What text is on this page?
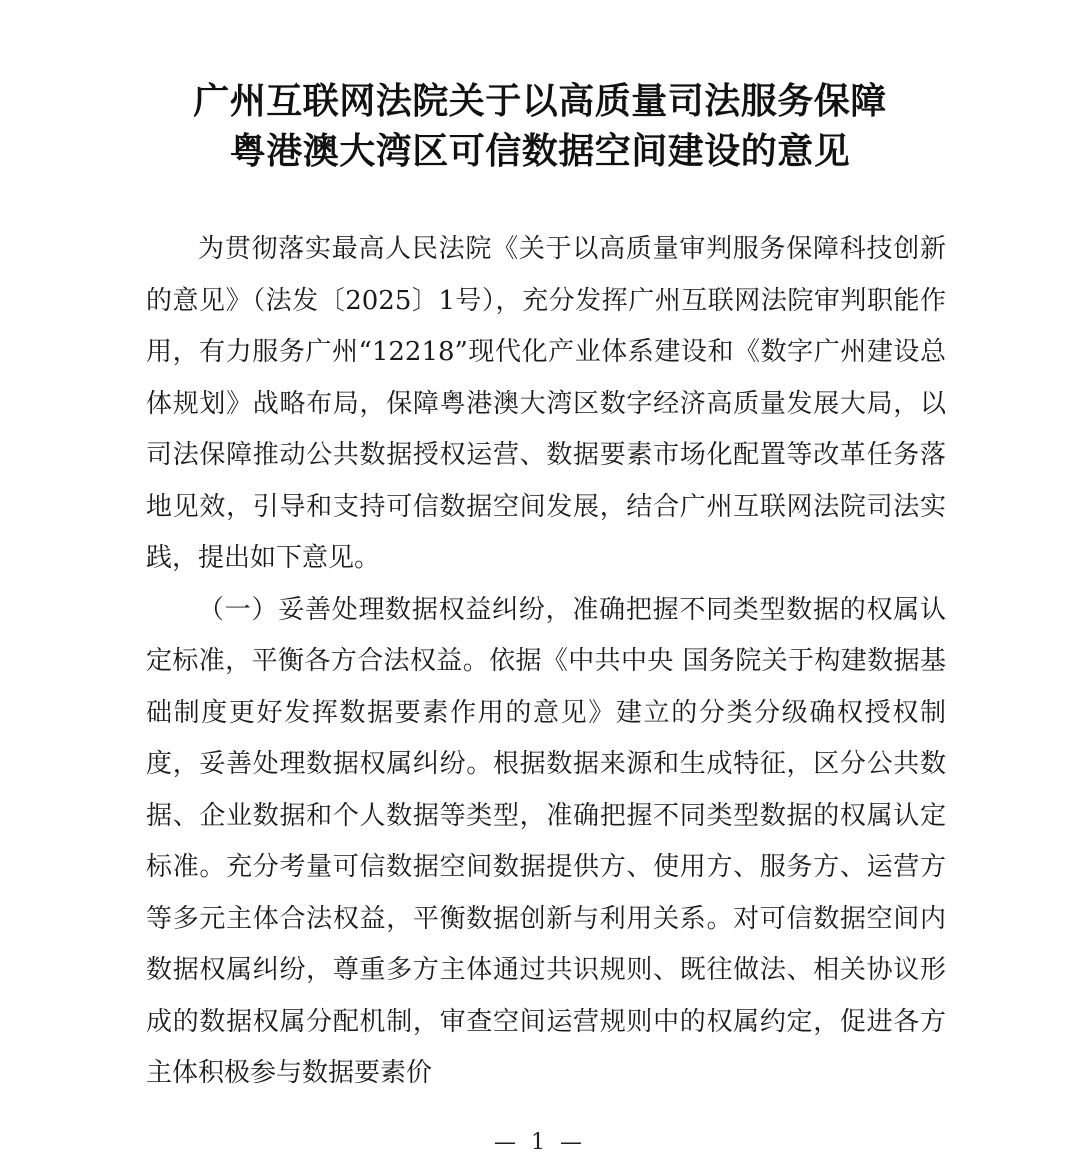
广州互联网法院关于以高质量司法服务保障
粤港澳大湾区可信数据空间建设的意见

为贯彻落实最高人民法院《关于以高质量审判服务保障科技创新的意见》（法发〔2025〕1号），充分发挥广州互联网法院审判职能作用，有力服务广州“12218”现代化产业体系建设和《数字广州建设总体规划》战略布局，保障粤港澳大湾区数字经济高质量发展大局，以司法保障推动公共数据授权运营、数据要素市场化配置等改革任务落地见效，引导和支持可信数据空间发展，结合广州互联网法院司法实践，提出如下意见。

（一）妥善处理数据权益纠纷，准确把握不同类型数据的权属认定标准，平衡各方合法权益。依据《中共中央 国务院关于构建数据基础制度更好发挥数据要素作用的意见》建立的分类分级确权授权制度，妥善处理数据权属纠纷。根据数据来源和生成特征，区分公共数据、企业数据和个人数据等类型，准确把握不同类型数据的权属认定标准。充分考量可信数据空间数据提供方、使用方、服务方、运营方等多元主体合法权益，平衡数据创新与利用关系。对可信数据空间内数据权属纠纷，尊重多方主体通过共识规则、既往做法、相关协议形成的数据权属分配机制，审查空间运营规则中的权属约定，促进各方主体积极参与数据要素价

— 1 —
